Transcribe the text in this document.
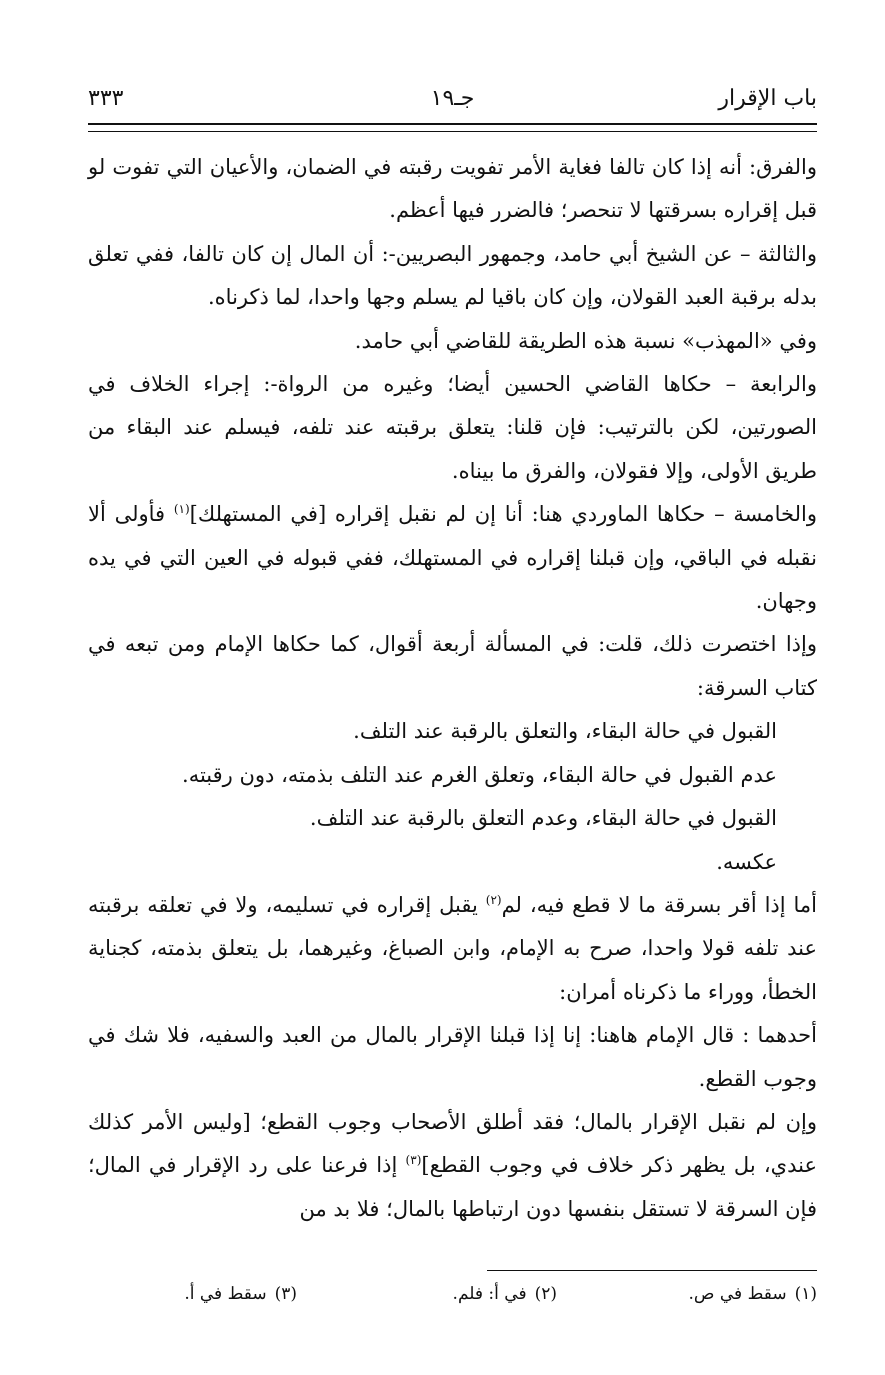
باب الإقرار
جـ١٩
٣٣٣

والفرق: أنه إذا كان تالفا فغاية الأمر تفويت رقبته في الضمان، والأعيان التي تفوت لو قبل إقراره بسرقتها لا تنحصر؛ فالضرر فيها أعظم.

والثالثة – عن الشيخ أبي حامد، وجمهور البصريين-: أن المال إن كان تالفا، ففي تعلق بدله برقبة العبد القولان، وإن كان باقيا لم يسلم وجها واحدا، لما ذكرناه.

وفي «المهذب» نسبة هذه الطريقة للقاضي أبي حامد.

والرابعة – حكاها القاضي الحسين أيضا؛ وغيره من الرواة-: إجراء الخلاف في الصورتين، لكن بالترتيب: فإن قلنا: يتعلق برقبته عند تلفه، فيسلم عند البقاء من طريق الأولى، وإلا فقولان، والفرق ما بيناه.

والخامسة – حكاها الماوردي هنا: أنا إن لم نقبل إقراره [في المستهلك]$^{(١)}$ فأولى ألا نقبله في الباقي، وإن قبلنا إقراره في المستهلك، ففي قبوله في العين التي في يده وجهان.

وإذا اختصرت ذلك، قلت: في المسألة أربعة أقوال، كما حكاها الإمام ومن تبعه في كتاب السرقة:

القبول في حالة البقاء، والتعلق بالرقبة عند التلف.

عدم القبول في حالة البقاء، وتعلق الغرم عند التلف بذمته، دون رقبته.

القبول في حالة البقاء، وعدم التعلق بالرقبة عند التلف.

عكسه.

أما إذا أقر بسرقة ما لا قطع فيه، لم$^{(٢)}$ يقبل إقراره في تسليمه، ولا في تعلقه برقبته عند تلفه قولا واحدا، صرح به الإمام، وابن الصباغ، وغيرهما، بل يتعلق بذمته، كجناية الخطأ، ووراء ما ذكرناه أمران:

أحدهما : قال الإمام هاهنا: إنا إذا قبلنا الإقرار بالمال من العبد والسفيه، فلا شك في وجوب القطع.

وإن لم نقبل الإقرار بالمال؛ فقد أطلق الأصحاب وجوب القطع؛ [وليس الأمر كذلك عندي، بل يظهر ذكر خلاف في وجوب القطع]$^{(٣)}$ إذا فرعنا على رد الإقرار في المال؛ فإن السرقة لا تستقل بنفسها دون ارتباطها بالمال؛ فلا بد من

(١)سقط في ص.
(٢)في أ: فلم.
(٣)سقط في أ.
